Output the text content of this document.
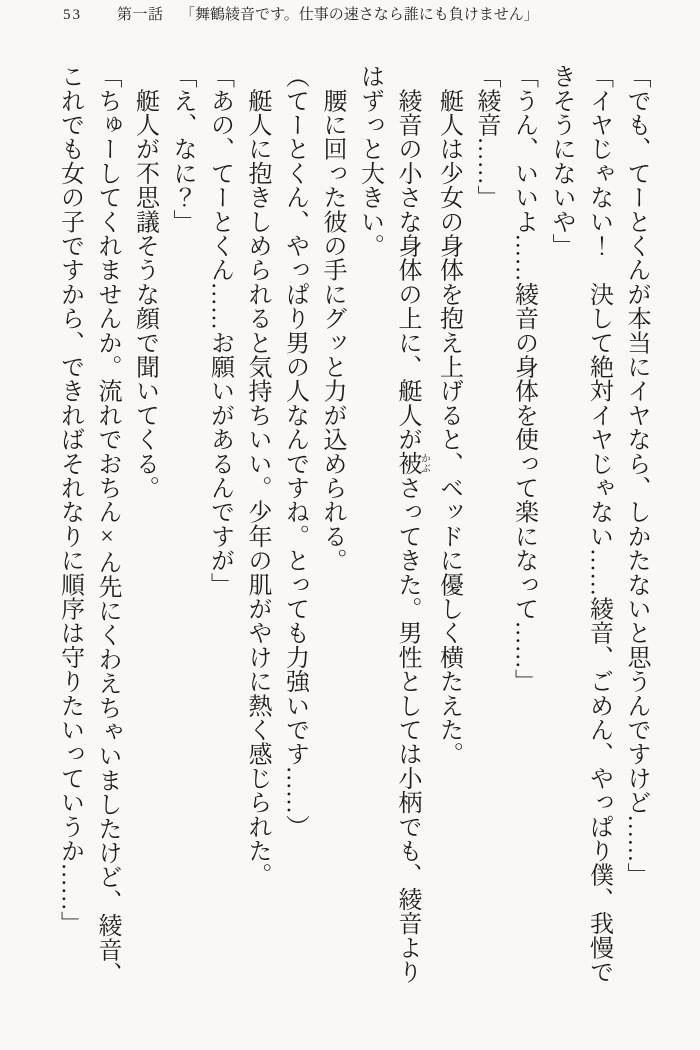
53 第一話 「舞鶴綾音です。仕事の速さなら誰にも負けません」

「でも、てーとくんが本当にイヤなら、しかたないと思うんですけど……」

「イヤじゃない！　決して絶対イヤじゃない……綾音、ごめん、やっぱり僕、我慢で

きそうにないや」

「うん、いいよ……綾音の身体を使って楽になって……」

「綾音……」

　艇人は少女の身体を抱え上げると、ベッドに優しく横たえた。

　綾音の小さな身体の上に、艇人が被かぶさってきた。男性としては小柄でも、綾音より

はずっと大きい。

　腰に回った彼の手にグッと力が込められる。

（てーとくん、やっぱり男の人なんですね。とっても力強いです……）

　艇人に抱きしめられると気持ちいい。少年の肌がやけに熱く感じられた。

「あの、てーとくん……お願いがあるんですが」

「え、なに？」

　艇人が不思議そうな顔で聞いてくる。

「ちゅーしてくれませんか。流れでおちん×ん先にくわえちゃいましたけど、綾音、

これでも女の子ですから、できればそれなりに順序は守りたいっていうか……」
